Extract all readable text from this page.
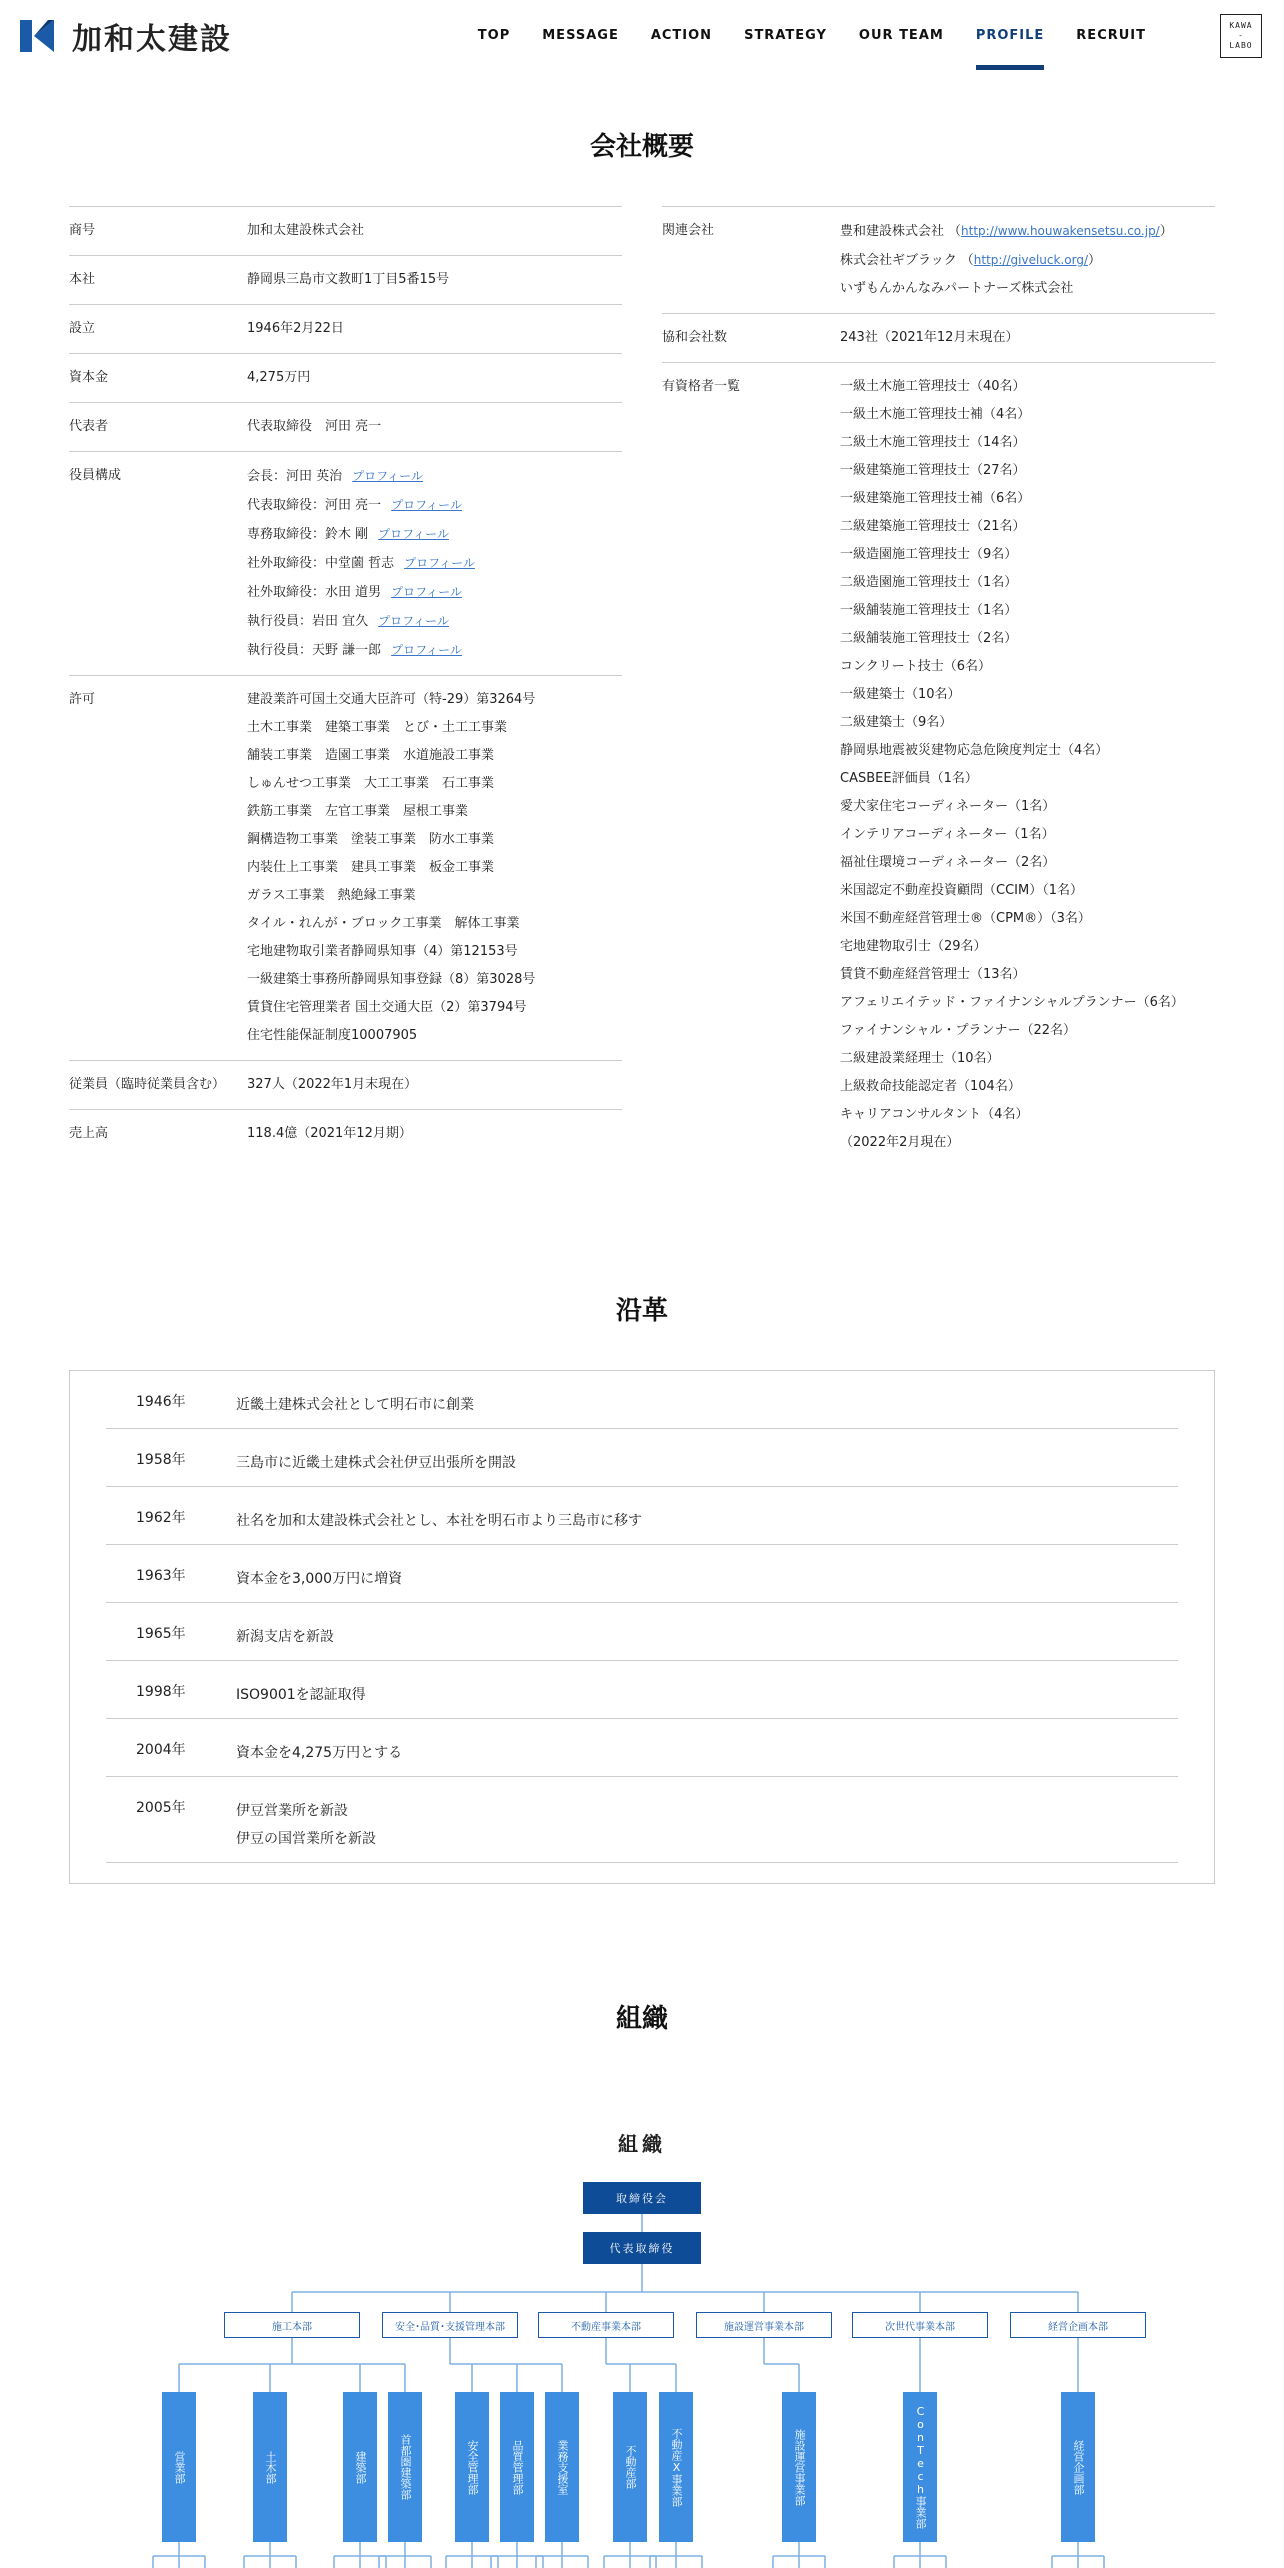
加和太建設	TOP	MESSAGE	ACTION	STRATEGY	OUR TEAM	PROFILE	RECRUIT
KAWA
-
LABO
会社概要
商号	加和太建設株式会社
本社	静岡県三島市文教町1丁目5番15号
設立	1946年2月22日
資本金	4,275万円
代表者	代表取締役　河田 亮一
役員構成	会長：河田 英治 プロフィール
代表取締役：河田 亮一 プロフィール
専務取締役：鈴木 剛 プロフィール
社外取締役：中堂薗 哲志 プロフィール
社外取締役：水田 道男 プロフィール
執行役員：岩田 宜久 プロフィール
執行役員：天野 謙一郎 プロフィール
許可	建設業許可国土交通大臣許可（特-29）第3264号
土木工事業　建築工事業　とび・土工工事業
舗装工事業　造園工事業　水道施設工事業
しゅんせつ工事業　大工工事業　石工事業
鉄筋工事業　左官工事業　屋根工事業
鋼構造物工事業　塗装工事業　防水工事業
内装仕上工事業　建具工事業　板金工事業
ガラス工事業　熱絶縁工事業
タイル・れんが・ブロック工事業　解体工事業
宅地建物取引業者静岡県知事（4）第12153号
一級建築士事務所静岡県知事登録（8）第3028号
賃貸住宅管理業者 国土交通大臣（2）第3794号
住宅性能保証制度10007905
従業員（臨時従業員含む）	327人（2022年1月末現在）
売上高	118.4億（2021年12月期）
関連会社	豊和建設株式会社 （http://www.houwakensetsu.co.jp/）
株式会社ギブラック （http://giveluck.org/）
いずもんかんなみパートナーズ株式会社
協和会社数	243社（2021年12月末現在）
有資格者一覧	一級土木施工管理技士（40名）
一級土木施工管理技士補（4名）
二級土木施工管理技士（14名）
一級建築施工管理技士（27名）
一級建築施工管理技士補（6名）
二級建築施工管理技士（21名）
一級造園施工管理技士（9名）
二級造園施工管理技士（1名）
一級舗装施工管理技士（1名）
二級舗装施工管理技士（2名）
コンクリート技士（6名）
一級建築士（10名）
二級建築士（9名）
静岡県地震被災建物応急危険度判定士（4名）
CASBEE評価員（1名）
愛犬家住宅コーディネーター（1名）
インテリアコーディネーター（1名）
福祉住環境コーディネーター（2名）
米国認定不動産投資顧問（CCIM）（1名）
米国不動産経営管理士®（CPM®）（3名）
宅地建物取引士（29名）
賃貸不動産経営管理士（13名）
アフェリエイテッド・ファイナンシャルプランナー（6名）
ファイナンシャル・プランナー（22名）
二級建設業経理士（10名）
上級救命技能認定者（104名）
キャリアコンサルタント（4名）
（2022年2月現在）
沿革
1946年	近畿土建株式会社として明石市に創業
1958年	三島市に近畿土建株式会社伊豆出張所を開設
1962年	社名を加和太建設株式会社とし、本社を明石市より三島市に移す
1963年	資本金を3,000万円に増資
1965年	新潟支店を新設
1998年	ISO9001を認証取得
2004年	資本金を4,275万円とする
2005年	伊豆営業所を新設
伊豆の国営業所を新設
組織
組織
取締役会
代表取締役
施工本部	安全･品質･支援管理本部	不動産事業本部	施設運営事業本部	次世代事業本部	経営企画本部
営業部	土木部	建築部	首都圏建築部	安全管理部	品質管理部	業務支援室	不動産部	不動産X事業部	施設運営事業部	ConTech事業部	経営企画部
